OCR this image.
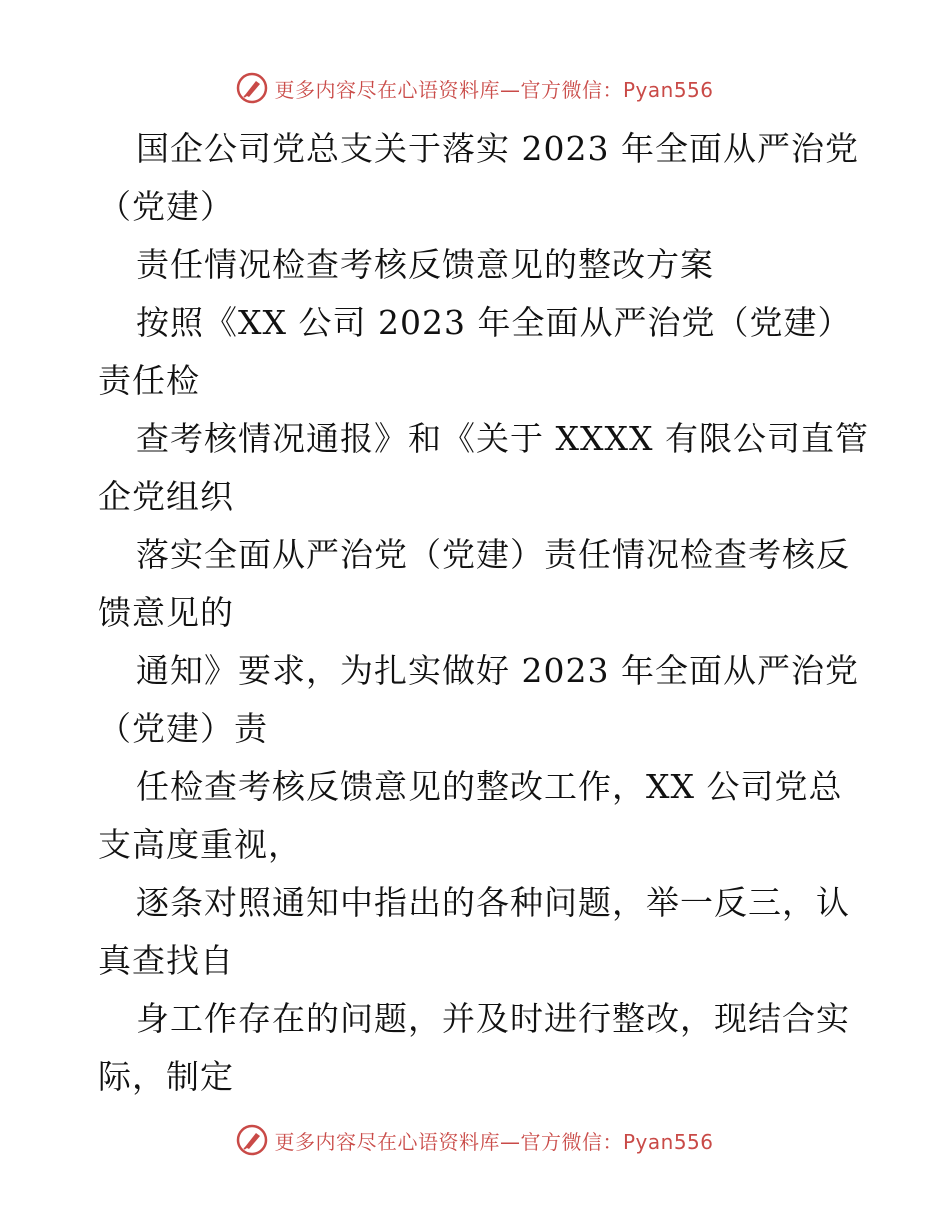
更多内容尽在心语资料库—官方微信：Pyan556
国企公司党总支关于落实 2023 年全面从严治党
（党建）
责任情况检查考核反馈意见的整改方案
按照《XX 公司 2023 年全面从严治党（党建）
责任检
查考核情况通报》和《关于 XXXX 有限公司直管
企党组织
落实全面从严治党（党建）责任情况检查考核反
馈意见的
通知》要求，为扎实做好 2023 年全面从严治党
（党建）责
任检查考核反馈意见的整改工作，XX 公司党总
支高度重视，
逐条对照通知中指出的各种问题，举一反三，认
真查找自
身工作存在的问题，并及时进行整改，现结合实
际，制定
更多内容尽在心语资料库—官方微信：Pyan556
